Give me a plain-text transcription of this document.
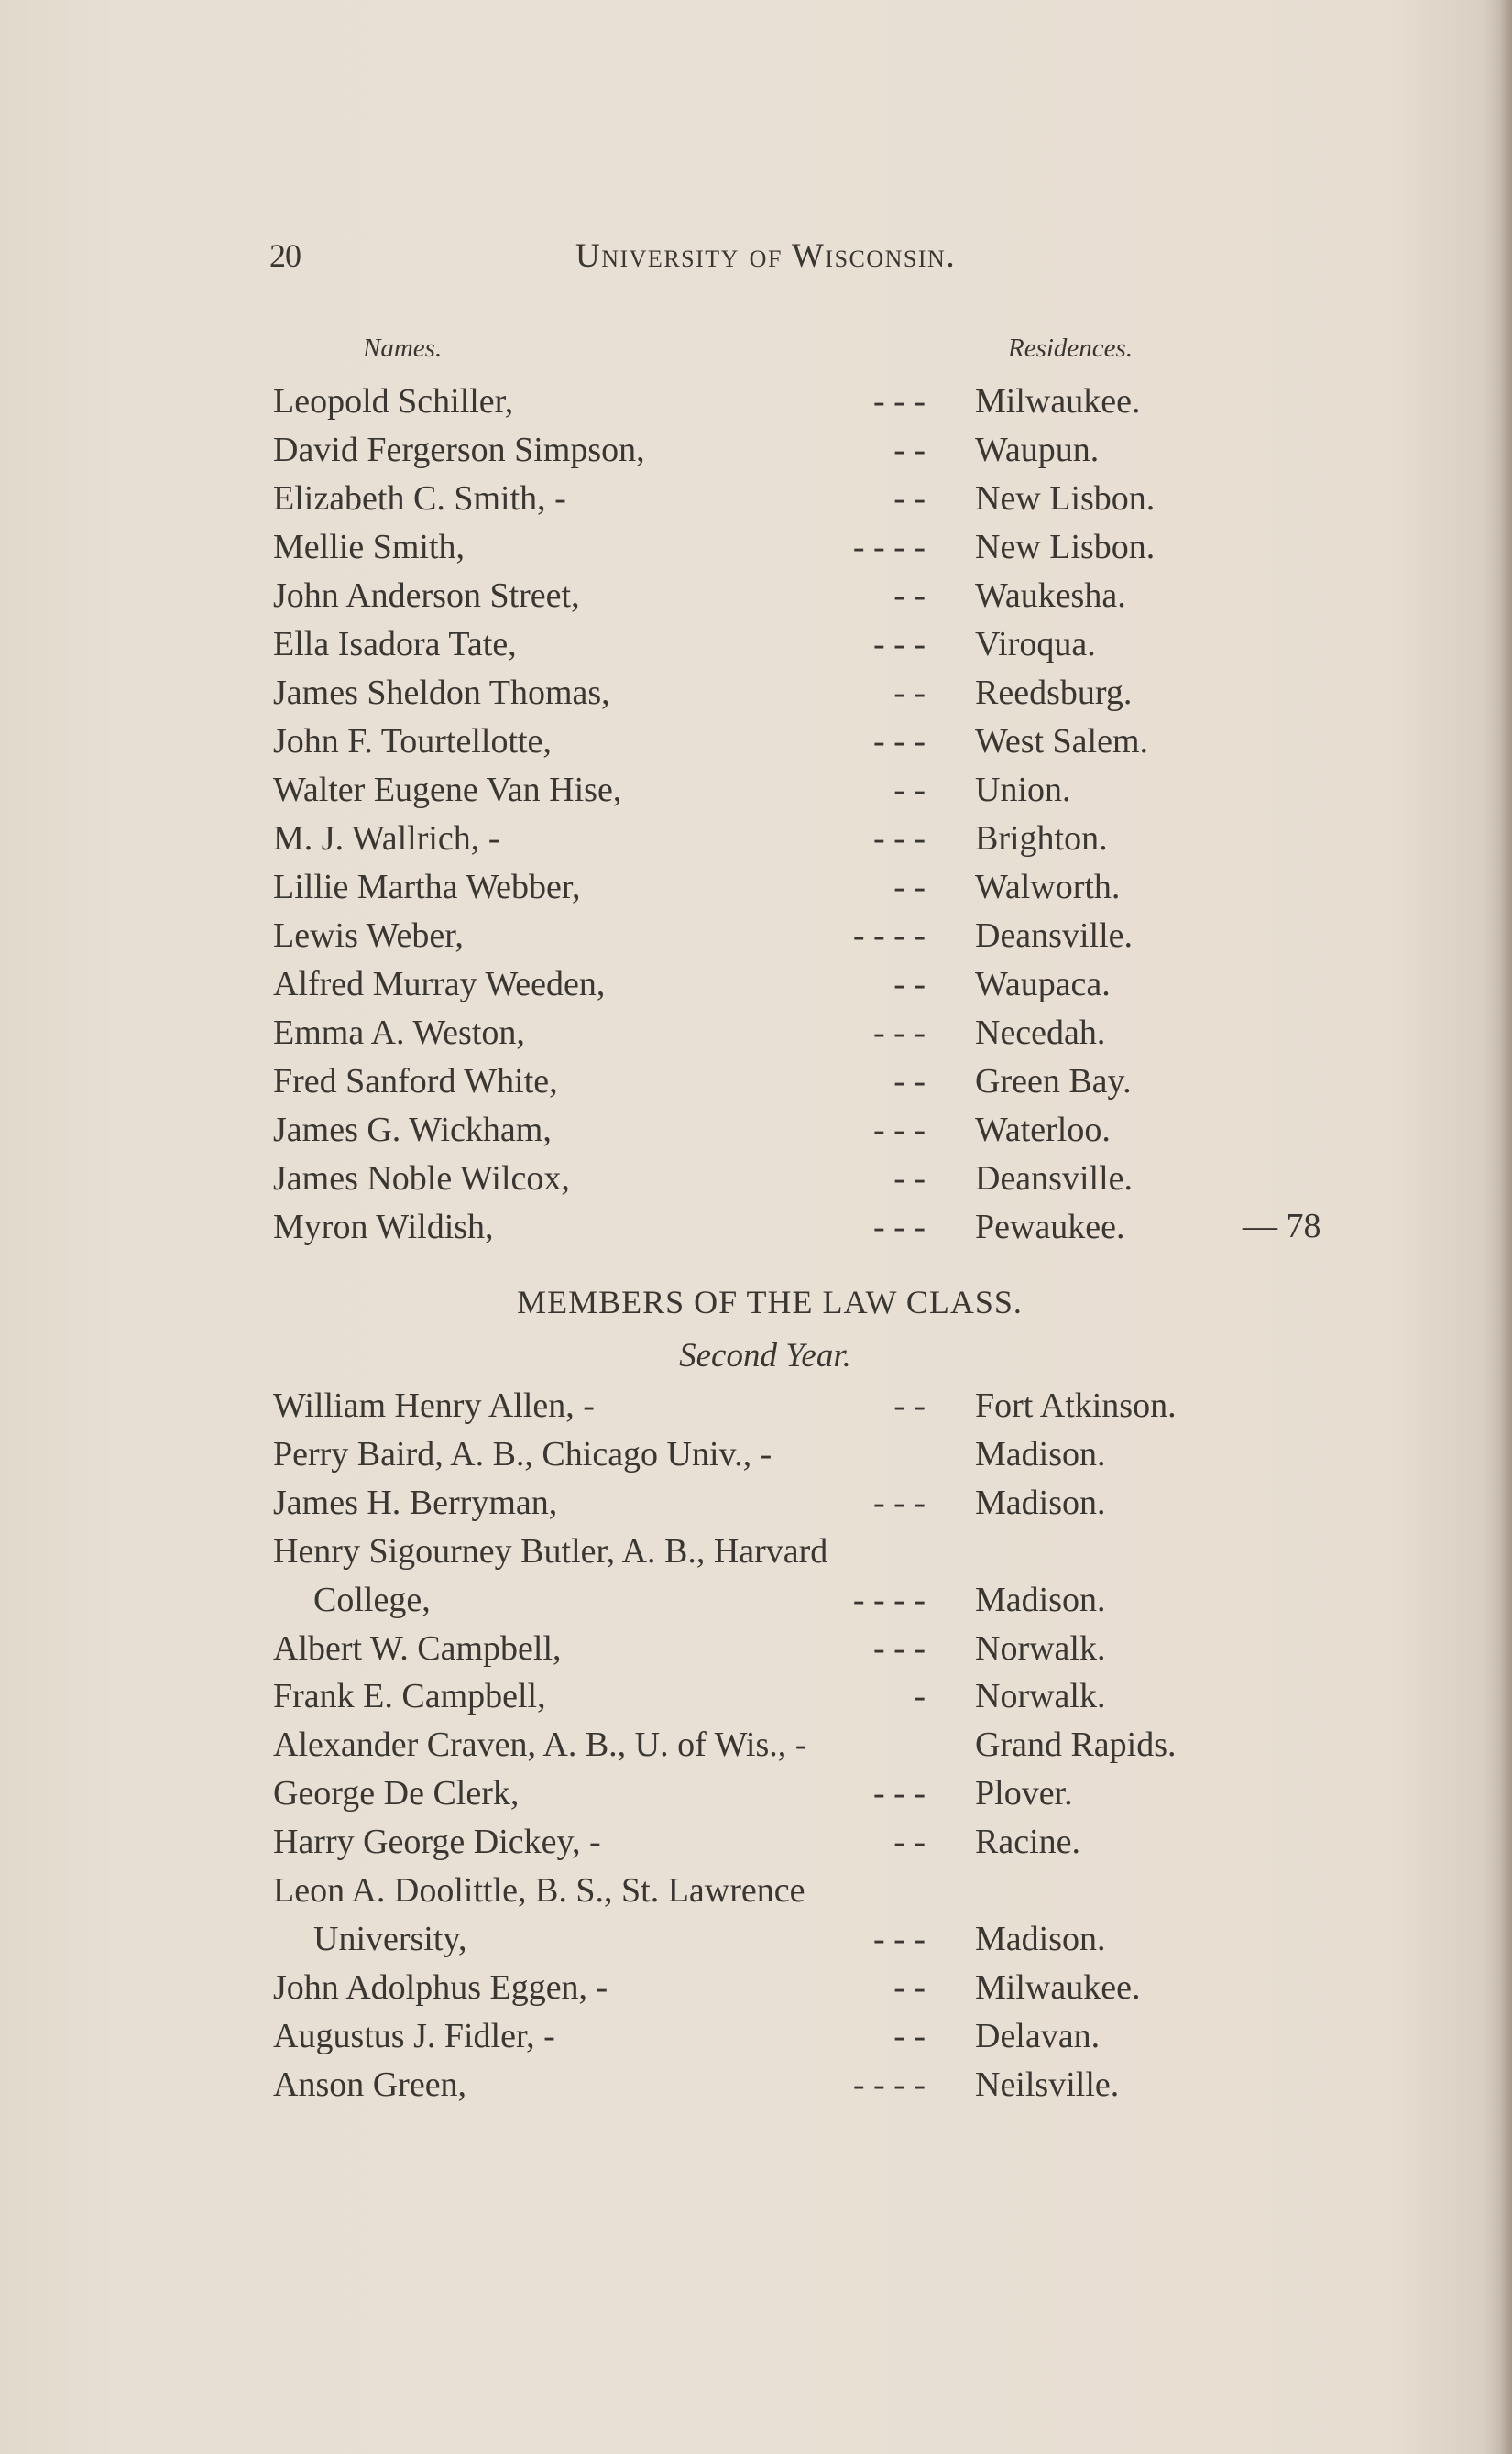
20	University of Wisconsin.
Names.	Residences.
Leopold Schiller,	- - - Milwaukee.
David Fergerson Simpson,	- - Waupun.
Elizabeth C. Smith, -	- - New Lisbon.
Mellie Smith,	- - - - New Lisbon.
John Anderson Street,	- - Waukesha.
Ella Isadora Tate,	- - - Viroqua.
James Sheldon Thomas,	- - Reedsburg.
John F. Tourtellotte,	- - - West Salem.
Walter Eugene Van Hise,	- - Union.
M. J. Wallrich, -	- - - Brighton.
Lillie Martha Webber,	- - Walworth.
Lewis Weber,	- - - - Deansville.
Alfred Murray Weeden,	- - Waupaca.
Emma A. Weston,	- - - Necedah.
Fred Sanford White,	- - Green Bay.
James G. Wickham,	- - - Waterloo.
James Noble Wilcox,	- - Deansville.
Myron Wildish,	- - - Pewaukee.	— 78
MEMBERS OF THE LAW CLASS.
Second Year.
William Henry Allen, -	- - Fort Atkinson.
Perry Baird, A. B., Chicago Univ., -	Madison.
James H. Berryman,	- - - Madison.
Henry Sigourney Butler, A. B., Harvard
College,	- - - - Madison.
Albert W. Campbell,	- - - Norwalk.
Frank E. Campbell,	- Norwalk.
Alexander Craven, A. B., U. of Wis., -	Grand Rapids.
George De Clerk,	- - - Plover.
Harry George Dickey, -	- - Racine.
Leon A. Doolittle, B. S., St. Lawrence
University,	- - - Madison.
John Adolphus Eggen, -	- - Milwaukee.
Augustus J. Fidler, -	- - Delavan.
Anson Green,	- - - - Neilsville.
